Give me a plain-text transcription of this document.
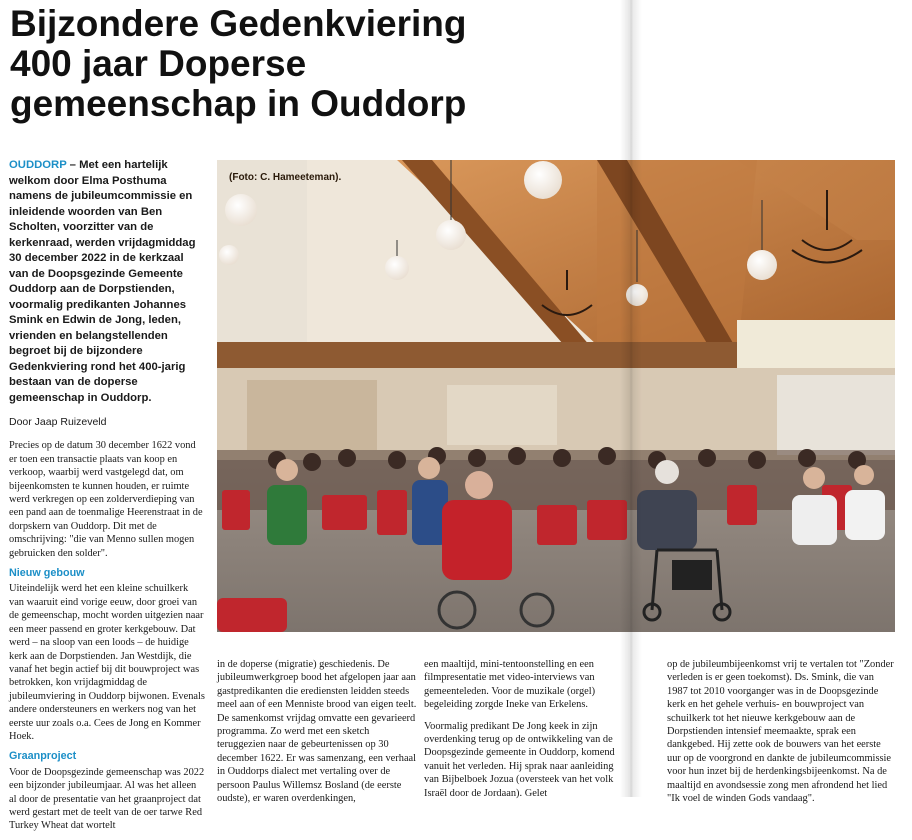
Bijzondere Gedenkviering
400 jaar Doperse
gemeenschap in Ouddorp

OUDDORP – Met een hartelijk welkom door Elma Posthuma namens de jubileumcommissie en inleidende woorden van Ben Scholten, voorzitter van de kerkenraad, werden vrijdagmiddag 30 december 2022 in de kerkzaal van de Doopsgezinde Gemeente Ouddorp aan de Dorpstienden, voormalig predikanten Johannes Smink en Edwin de Jong, leden, vrienden en belangstellenden begroet bij de bijzondere Gedenkviering rond het 400-jarig bestaan van de doperse gemeenschap in Ouddorp.

Door Jaap Ruizeveld

Precies op de datum 30 december 1622 vond er toen een transactie plaats van koop en verkoop, waarbij werd vastgelegd dat, om bijeenkomsten te kunnen houden, er ruimte werd verkregen op een zolderverdieping van een pand aan de toenmalige Heerenstraat in de dorpskern van Ouddorp. Dit met de omschrijving: "die van Menno sullen mogen gebruicken den solder".

Nieuw gebouw

Uiteindelijk werd het een kleine schuilkerk van waaruit eind vorige eeuw, door groei van de gemeenschap, mocht worden uitgezien naar een meer passend en groter kerkgebouw. Dat werd – na sloop van een loods – de huidige kerk aan de Dorpstienden. Jan Westdijk, die vanaf het begin actief bij dit bouwproject was betrokken, kon vrijdagmiddag de jubileumviering in Ouddorp bijwonen. Evenals andere ondersteuners en werkers nog van het eerste uur zoals o.a. Cees de Jong en Kommer Hoek.

Graanproject

Voor de Doopsgezinde gemeenschap was 2022 een bijzonder jubileumjaar. Al was het alleen al door de presentatie van het graanproject dat werd gestart met de teelt van de oer tarwe Red Turkey Wheat dat wortelt

(Foto: C. Hameeteman).

in de doperse (migratie) geschiedenis. De jubileumwerkgroep bood het afgelopen jaar aan gastpredikanten die erediensten leidden steeds meel aan of een Menniste brood van eigen teelt. De samenkomst vrijdag omvatte een gevarieerd programma. Zo werd met een sketch teruggezien naar de gebeurtenissen op 30 december 1622. Er was samenzang, een verhaal in Ouddorps dialect met vertaling over de persoon Paulus Willemsz Bosland (de eerste oudste), er waren overdenkingen,

een maaltijd, mini-tentoonstelling en een filmpresentatie met video-interviews van gemeenteleden. Voor de muzikale (orgel) begeleiding zorgde Ineke van Erkelens.

Voormalig predikant De Jong keek in zijn overdenking terug op de ontwikkeling van de Doopsgezinde gemeente in Ouddorp, komend vanuit het verleden. Hij sprak naar aanleiding van Bijbelboek Jozua (oversteek van het volk Israël door de Jordaan). Gelet

op de jubileumbijeenkomst vrij te vertalen tot "Zonder verleden is er geen toekomst). Ds. Smink, die van 1987 tot 2010 voorganger was in de Doopsgezinde kerk en het gehele verhuis- en bouwproject van schuilkerk tot het nieuwe kerkgebouw aan de Dorpstienden intensief meemaakte, sprak een dankgebed. Hij zette ook de bouwers van het eerste uur op de voorgrond en dankte de jubileumcommissie voor hun inzet bij de herdenkingsbijeenkomst. Na de maaltijd en avondsessie zong men afrondend het lied "Ik voel de winden Gods vandaag".
